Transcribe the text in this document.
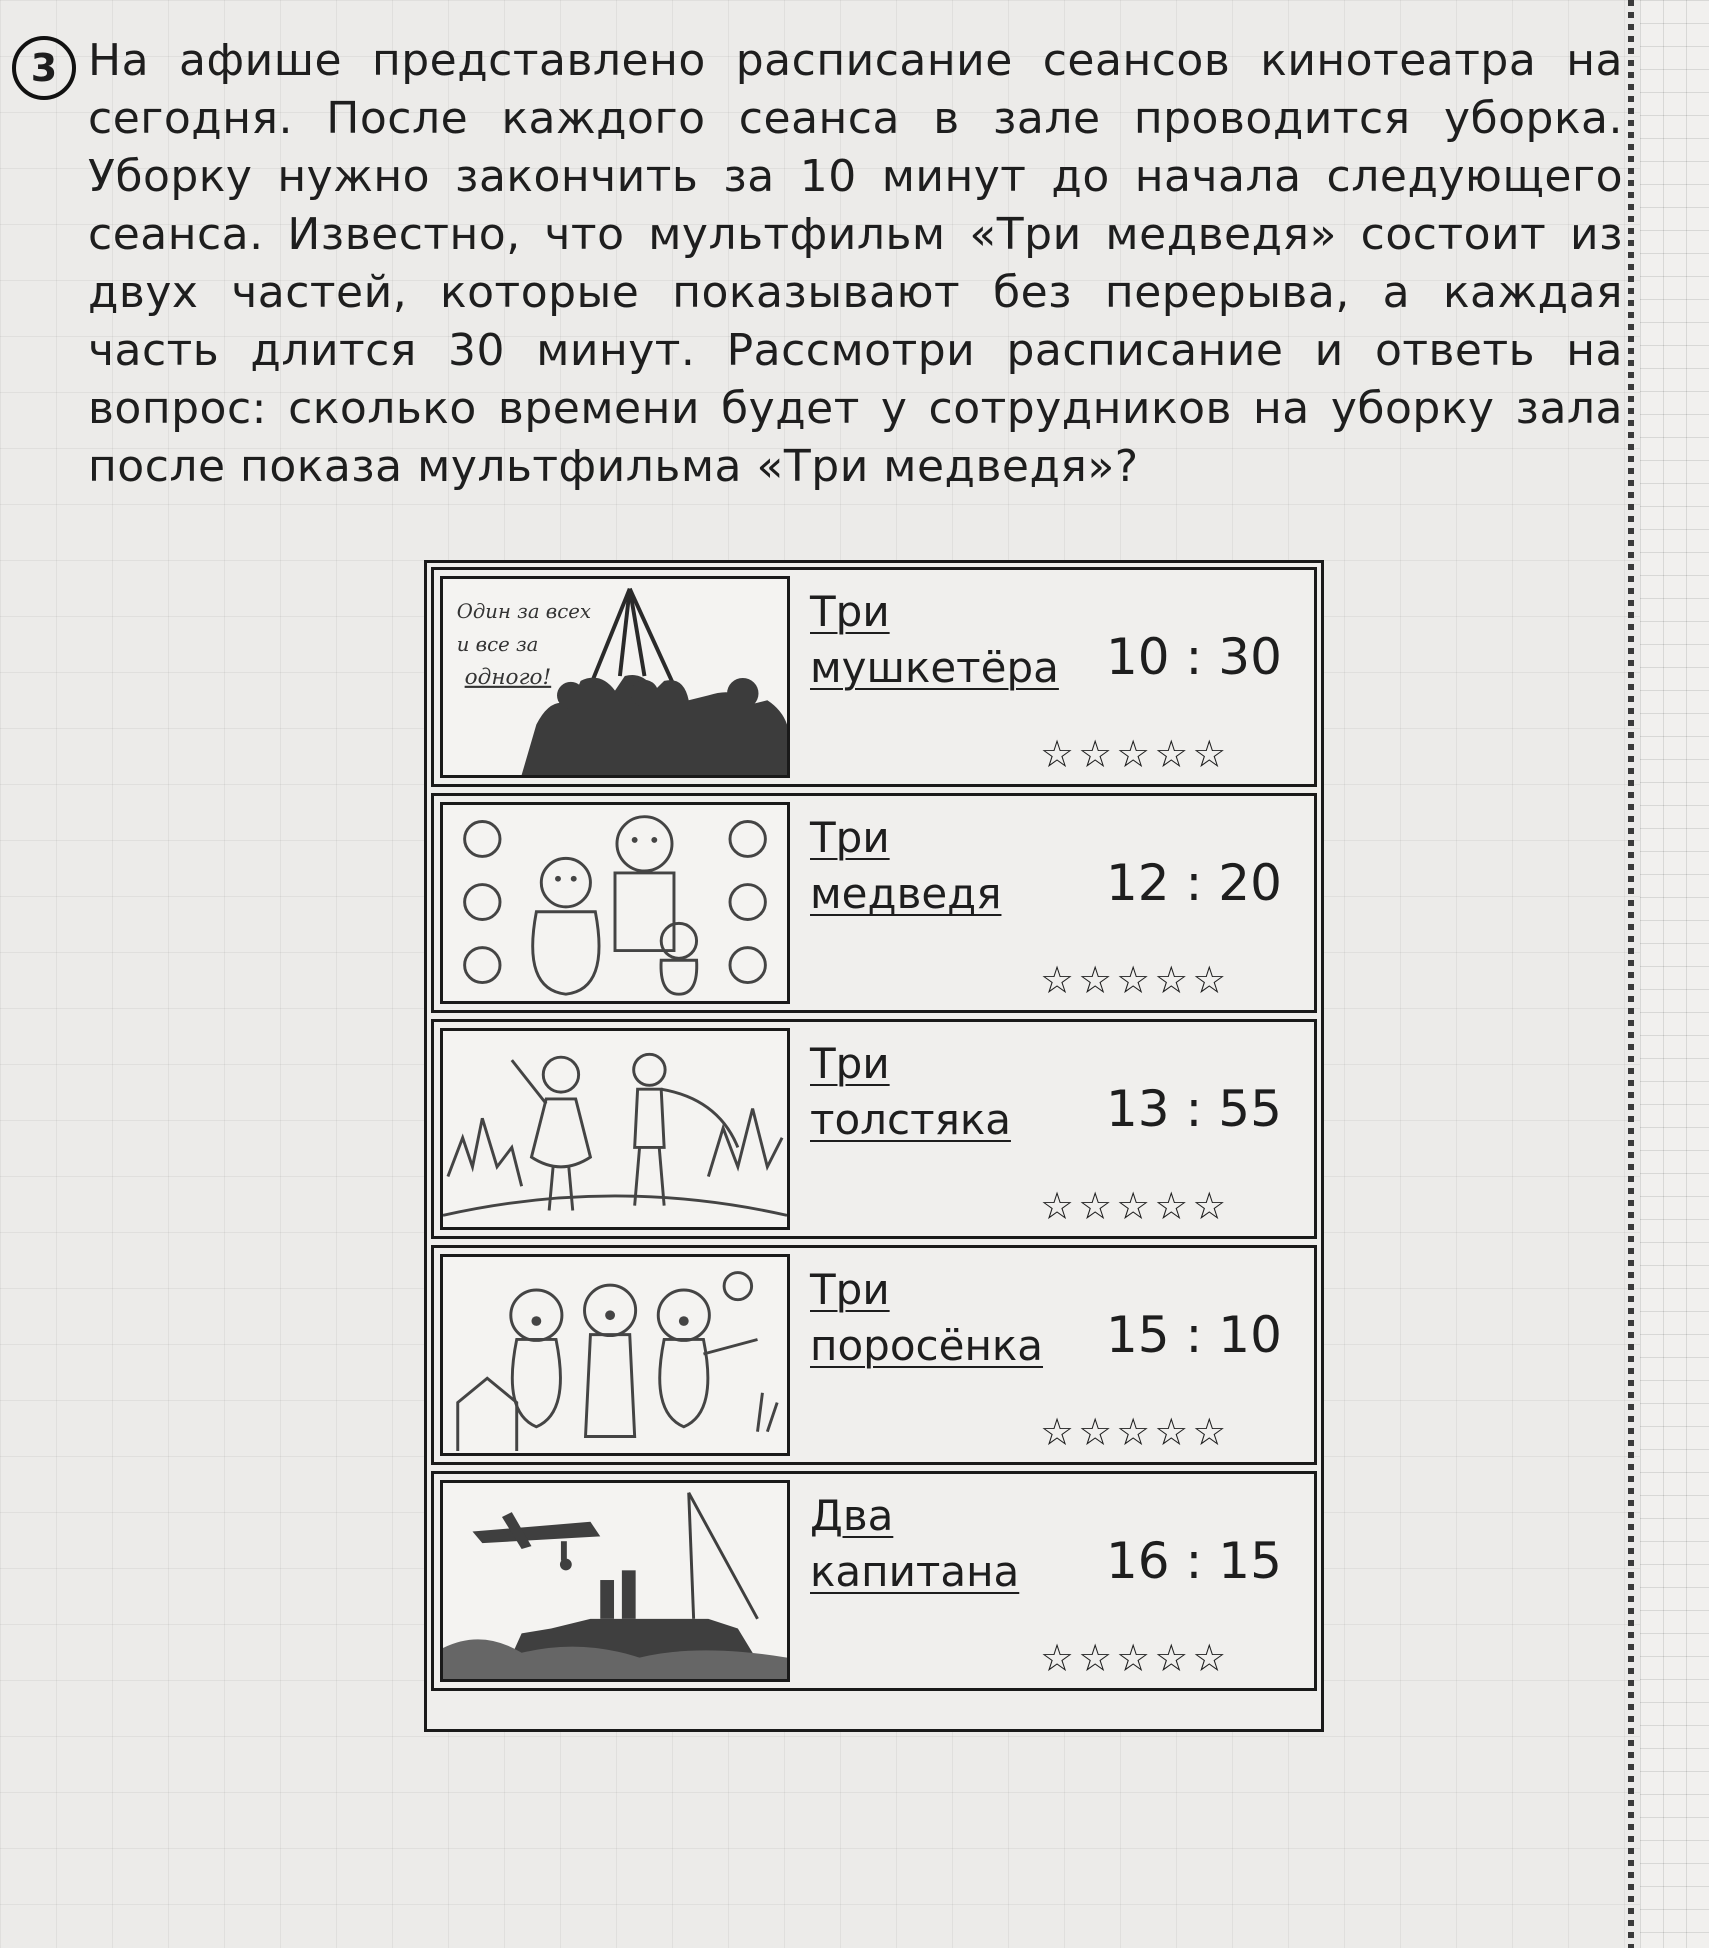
3 На афише представлено расписание сеансов кинотеатра на сегодня. После каждого сеанса в зале проводится уборка. Уборку нужно закончить за 10 минут до начала следующего сеанса. Известно, что мультфильм «Три медведя» состоит из двух частей, которые показывают без перерыва, а каждая часть длится 30 минут. Рассмотри расписание и ответь на вопрос: сколько времени будет у сотрудников на уборку зала после показа мультфильма «Три медведя»?
Один за всех
и все за
одного!
Три
мушкетёра 10 : 30
☆☆☆☆☆
Три
медведя 12 : 20
☆☆☆☆☆
Три
толстяка 13 : 55
☆☆☆☆☆
Три
поросёнка 15 : 10
☆☆☆☆☆
Два
капитана 16 : 15
☆☆☆☆☆
